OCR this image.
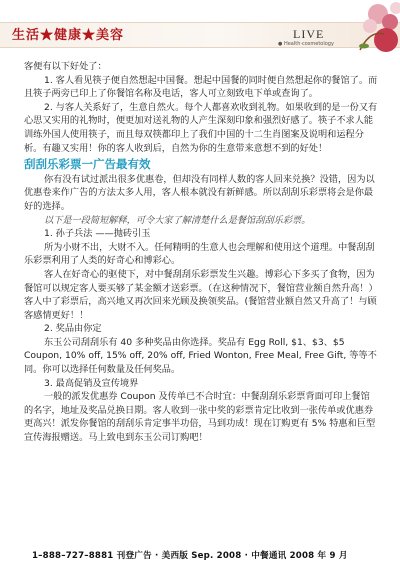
生活★健康★美容	LIVE
● Health·cosmetology

客便有以下好处了：

1. 客人看见筷子便自然想起中国餐。想起中国餐的同时便自然想起你的餐馆了。而且筷子两旁已印上了你餐馆名称及电话，客人可立刻致电下单或查询了。

2. 与客人关系好了，生意自然火。每个人都喜欢收到礼物。如果收到的是一份又有心思又实用的礼物时，便更加对送礼物的人产生深刻印象和强烈好感了。筷子不求人能训练外国人使用筷子，而且每双筷都印上了我们中国的十二生肖图案及说明和运程分析。有趣又实用！你的客人收到后，自然为你的生意带来意想不到的好处！

刮刮乐彩票一广告最有效

你有没有试过派出很多优惠卷，但却没有同样人数的客人回来兑换？没错，因为以优惠卷来作广告的方法太多人用，客人根本就没有新鲜感。所以刮刮乐彩票将会是你最好的选择。

以下是一段简短解释，可令大家了解清楚什么是餐馆刮刮乐彩票。

1. 孙子兵法 ——抛砖引玉

所为小财不出，大财不入。任何精明的生意人也会理解和使用这个道理。中餐刮刮乐彩票利用了人类的好奇心和博彩心。

客人在好奇心的驱使下，对中餐刮刮乐彩票发生兴趣。博彩心下多买了食物，因为餐馆可以规定客人要买够了某金额才送彩票。（在这种情况下，餐馆营业额自然升高！）客人中了彩票后，高兴地又再次回来光顾及换领奖品。(餐馆营业额自然又升高了！与顾客感情更好！！

2. 奖品由你定

东玉公司刮刮乐有 40 多种奖品由你选择。奖品有 Egg Roll, $1、$3、$5 Coupon, 10% off, 15% off, 20% off, Fried Wonton, Free Meal, Free Gift, 等等不同。你可以选择任何数量及任何奖品。

3. 最高促销及宣传境界

一般的派发优惠券 Coupon 及传单已不合时宜：中餐刮刮乐彩票背面可印上餐馆的名字，地址及奖品兑换日期。客人收到一张中奖的彩票肯定比收到一张传单或优惠券更高兴！派发你餐馆的刮刮乐肯定事半功倍，马到功成！现在订购更有 5% 特惠和巨型宣传海报赠送。马上致电到东玉公司订购吧！

1–888–727–8881 刊登广告 · 美西版 Sep. 2008 · 中餐通讯 2008 年 9 月
